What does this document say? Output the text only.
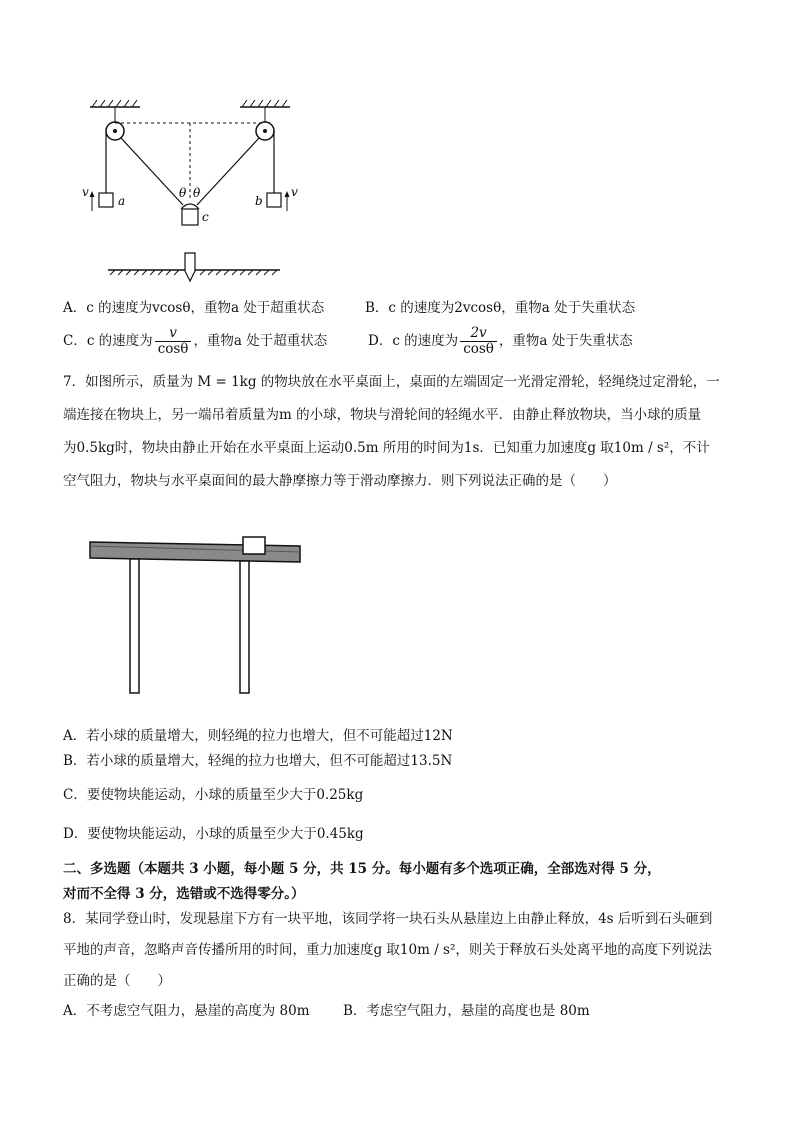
v
a
θ θ
c
b
v
A．c 的速度为vcosθ，重物a 处于超重状态	B．c 的速度为2vcosθ，重物a 处于失重状态
C．c 的速度为 $\frac{v}{\cos\theta}$ ，重物a 处于超重状态	D．c 的速度为 $\frac{2v}{\cos\theta}$ ，重物a 处于失重状态
7．如图所示，质量为 M = 1kg 的物块放在水平桌面上，桌面的左端固定一光滑定滑轮，轻绳绕过定滑轮，一
端连接在物块上，另一端吊着质量为m 的小球，物块与滑轮间的轻绳水平．由静止释放物块，当小球的质量
为0.5kg时，物块由静止开始在水平桌面上运动0.5m 所用的时间为1s．已知重力加速度g 取10m / s²，不计
空气阻力，物块与水平桌面间的最大静摩擦力等于滑动摩擦力．则下列说法正确的是（　　）
A．若小球的质量增大，则轻绳的拉力也增大，但不可能超过12N
B．若小球的质量增大，轻绳的拉力也增大，但不可能超过13.5N
C．要使物块能运动，小球的质量至少大于0.25kg
D．要使物块能运动，小球的质量至少大于0.45kg
二、多选题（本题共 3 小题，每小题 5 分，共 15 分。每小题有多个选项正确，全部选对得 5 分，
对而不全得 3 分，选错或不选得零分。）
8．某同学登山时，发现悬崖下方有一块平地，该同学将一块石头从悬崖边上由静止释放，4s 后听到石头砸到
平地的声音，忽略声音传播所用的时间，重力加速度g 取10m / s²，则关于释放石头处离平地的高度下列说法
正确的是（　　）
A．不考虑空气阻力，悬崖的高度为 80m B．考虑空气阻力，悬崖的高度也是 80m
